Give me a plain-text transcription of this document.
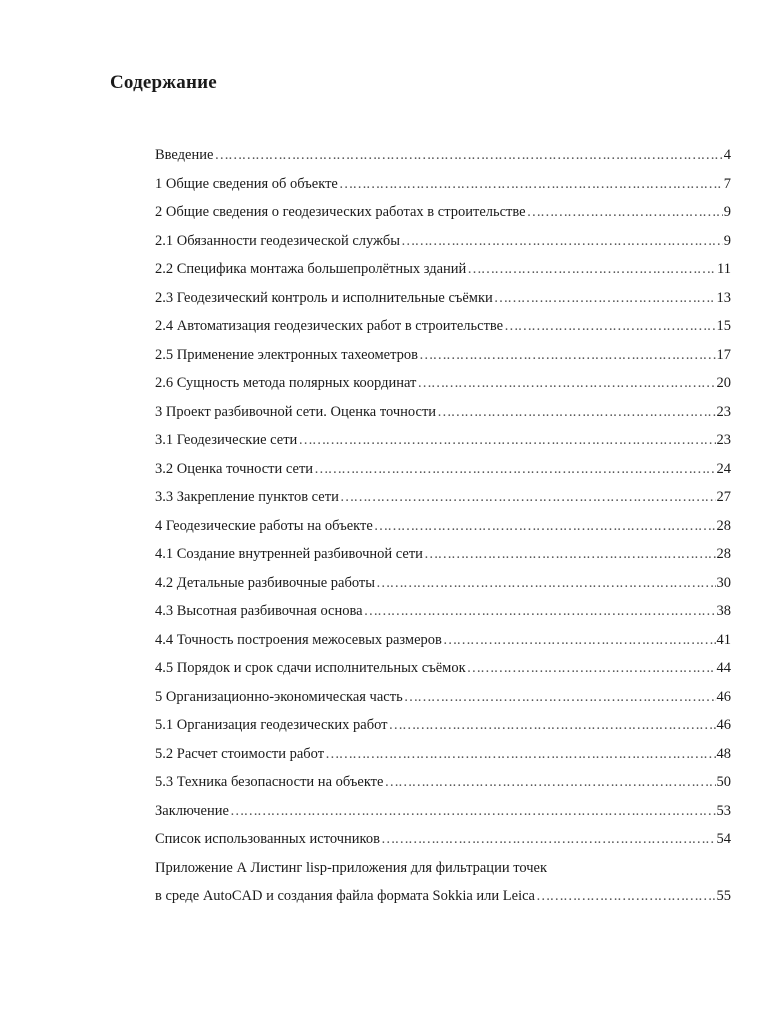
Содержание
Введение ……………………………………………………………………………………………………………………………………………………………………………………………………	4
1 Общие сведения об объекте ……………………………………………………………………………………………………………………………………………………………………………………………………	7
2 Общие сведения о геодезических работах в строительстве ……………………………………………………………………………………………………………………………………………………………………………………………………	9
2.1 Обязанности геодезической службы ……………………………………………………………………………………………………………………………………………………………………………………………………	9
2.2 Специфика монтажа большепролётных зданий ……………………………………………………………………………………………………………………………………………………………………………………………………	11
2.3 Геодезический контроль и исполнительные съёмки ……………………………………………………………………………………………………………………………………………………………………………………………………	13
2.4 Автоматизация геодезических работ в строительстве ……………………………………………………………………………………………………………………………………………………………………………………………………	15
2.5 Применение электронных тахеометров ……………………………………………………………………………………………………………………………………………………………………………………………………	17
2.6 Сущность метода полярных координат ……………………………………………………………………………………………………………………………………………………………………………………………………	20
3 Проект разбивочной сети. Оценка точности ……………………………………………………………………………………………………………………………………………………………………………………………………	23
3.1 Геодезические сети ……………………………………………………………………………………………………………………………………………………………………………………………………	23
3.2 Оценка точности сети ……………………………………………………………………………………………………………………………………………………………………………………………………	24
3.3 Закрепление пунктов сети ……………………………………………………………………………………………………………………………………………………………………………………………………	27
4 Геодезические работы на объекте ……………………………………………………………………………………………………………………………………………………………………………………………………	28
4.1 Создание внутренней разбивочной сети ……………………………………………………………………………………………………………………………………………………………………………………………………	28
4.2 Детальные разбивочные работы ……………………………………………………………………………………………………………………………………………………………………………………………………	30
4.3 Высотная разбивочная основа ……………………………………………………………………………………………………………………………………………………………………………………………………	38
4.4 Точность построения межосевых размеров ……………………………………………………………………………………………………………………………………………………………………………………………………	41
4.5 Порядок и срок сдачи исполнительных съёмок ……………………………………………………………………………………………………………………………………………………………………………………………………	44
5 Организационно-экономическая часть ……………………………………………………………………………………………………………………………………………………………………………………………………	46
5.1 Организация геодезических работ ……………………………………………………………………………………………………………………………………………………………………………………………………	46
5.2 Расчет стоимости работ ……………………………………………………………………………………………………………………………………………………………………………………………………	48
5.3 Техника безопасности на объекте ……………………………………………………………………………………………………………………………………………………………………………………………………	50
Заключение ……………………………………………………………………………………………………………………………………………………………………………………………………	53
Список использованных источников ……………………………………………………………………………………………………………………………………………………………………………………………………	54
Приложение А Листинг lisp-приложения для фильтрации точек
в среде AutoCAD и создания файла формата Sokkia или Leica ……………………………………………………………………………………………………………………………………………………………………………………………………	55
